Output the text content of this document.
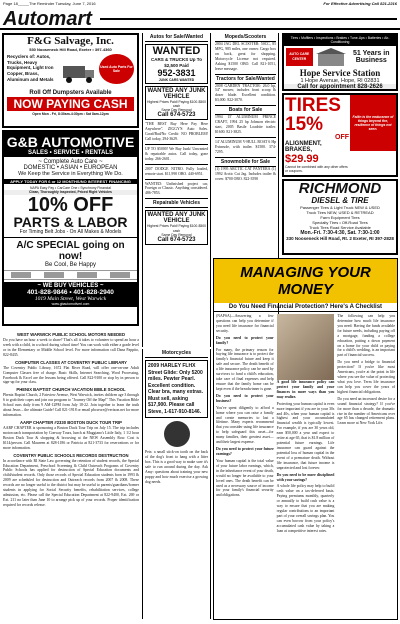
Page 18_____The Reminder Tuesday, June 7, 2016	For Effective Advertising Call 821-2216
Automart
F&G Salvage, Inc.
530 Nooseneck Hill Road, Exeter • 397-4360
Recyclers of: Autos, Trucks, Heavy Equipment, Light Iron Copper, Brass, Aluminum and Metals
Used Auto Parts For Sale
Roll Off Dumpsters Available
NOW PAYING CASH
Open Mon - Fri, 8:30am-4:30pm • Sat 8am-12pm
G&B AUTOMOTIVE
SALES • SERVICE • RENTALS
~ Complete Auto Care ~
DOMESTIC • ASIAN • EUROPEAN
We Keep the Service in Everything We Do.
APPLY TODAY FOR 6 or 12 MONTHS/NO INTEREST FINANCING
NAPA Easy Pay • CarCare One • Synchrony Financial
Clean, Thoroughly Inspected, Priced Right Vehicles
10% OFF
PARTS & LABOR
For Timing Belt Jobs - On All Makes & Models
A/C SPECIAL going on now!
Be Cool, Be Happy
~ WE BUY VEHICLES ~
401-828-9846 • 401-828-2940
1019 Main Street, West Warwick
www.gbautomotiveri.com
Autos for Sale/Wanted
WANTED
CARS & TRUCKS Up To $2,500 Paid
952-3831
JUNK CARS WANTED
WANTED ANY JUNK VEHICLE
Highest Prices Paid! Paying $100-$500 cash
Same Day Removal
Call 674-5723
"THE BEST Buy Here Pay Here Anywhere". ZIGGY'S Auto Sales. Good/Bad/No Credit: NO PROBLEM! Call today, 294-3629.
UP TO $5000! We Buy Junk/ Unwanted & repairable autos. Call today, gone today. 266-2601.
2007 DODGE NITRO. Fully loaded, remote start. $11,990 OBO. 440-6951.
WANTED: Unfinished project car, Foreign or Classic. Anything considered. 486-7853.
Repairable Vehicles
WANTED ANY JUNK VEHICLE
Highest Prices Paid! Paying $100-$500 cash
Same Day Removal
Call 674-5723
Mopeds/Scooters
2004 JAG DEL SCOOTER: 50CC, 85 MPG, 985 miles, one owner. Cargo box on back, great for shopping. Motorcycle License not required. Asking $1500 OBO. Call 821-1051, leave message.
Tractors for Sale/Wanted
2008 GARDEN TRACTOR: 26.0 hp, 54" mower, includes front scoop & dozer blade. Excellent condition. $3,000. 822-3070.
Boats for Sale
1994 15' ALUMINUM PRINCE CRAFT, 1994 25 hp Johnson electric start, 2005 Basile Loadrite trailer. $1600. 821-3825.
14' ALUMINUM V-HULL BOAT 6 Hp Evinrude, with trailer. $1500. 374-7295.
Snowmobile for Sale
(1) 1995 ARCTIC CAT PANTERA (1) 1992 Arctic Cat Jag. Includes trailer & cover. $700 OBO. 822-3590
Tires • Mufflers • Inspections • Brakes • Tune-Ups • Batteries • Air-Conditioning
AUTO CARE CENTER
51 Years in Business
Hope Service Station
1 Hope Avenue, Hope, RI 02831
Call for appointment 828-2626
TIRES 15%
OFF
ALIGNMENT, BRAKES,
$29.99
Cannot be combined with any other offers or coupons.
Fallin is the endurance of things beyond fire, resilience of things not seen.
RICHMOND
DIESEL & TIRE
Passenger Tires & Light Truck NEW & USED
Truck Tires NEW, USED & RETREAD
Farm Equipment Tires
Specialty Tires • Off-Road Tires
Truck Tires Road Service Available
Mon.-Fri. 7:30-4:30, Sat. 7:30-1:00
330 Nooseneck Hill Road, Rt. 2 Exeter, RI 397-2828
WEST WARWICK PUBLIC SCHOOL MOTORS NEEDED
Do you have an hour a week to share? That's all it takes to volunteer to spend an hour a week with a child, in a school during school time! You can work with either a grade level or in the Elementary or Middle School level. For more information call Dana Pappito, 822-8435.
COMPUTER CLASSES AT COVENTRY PUBLIC LIBRARY
The Coventry Public Library, 1672 Flat River Road, will offer one-on-one Adult Computer Classes free of charge. Basic Skills, Internet Searching, Word Processing, Facebook & Excel are the lessons being offered. Call 822-9100 or stop by in person to sign-up for your class.
PHENIX BAPTIST CHURCH VACATION BIBLE SCHOOL
Phenix Baptist Church, 2 Fairview Avenue, West Warwick, invites children age 3 through 6 to grab their capes and join our program to "Journey Off the Map!" This Vacation Bible School runs daily from 9 AM-12PM from July 18-22. Join together to learn the truth about Jesus – the ultimate Guide! Call 821-1918 or email pbcsecre@verizon.net for more information.
AARP CHAPTER #2330 BOSTON DUCK TOUR TRIP
AARP CHAPTER is sponsoring a Boston Duck Tour Trip on July 15. The trip includes motorcoach transportation by Conway Tours, lunch at Maggiano's Little Italy, 1 1/2 hour Boston Duck Tour & shopping & browsing at the NEW Assembly Row. Cost is $114/person. Call Maureen at 828-1186 or Patricia at 821-3733 for reservations or for more information.
COVENTRY PUBLIC SCHOOLS RECORDS DESTRUCTION
In accordance with RI State Law governing the retention of student records, the Special Education Department, Preschool Screening & Child Outreach Programs of Coventry Public Schools has applied for destruction of Special Education documents and child/student records. Only those records of Special Education students born in 1993 & 2009 are scheduled for destruction and Outreach records from 2007 & 2008. These records are no longer useful to the district but may be useful to parents/guardians/former students in applying for Social Security benefits, rehabilitation services, college admission, etc. Please call the Special Education Department at 822-9400, Ext. 269 or Ext. 211 no later than June 10 to arrange pick up of your records. Proper identification required for records release.
Motorcycles
2009 HARLEY FLHX Street Glide: Only 5200 miles. Pewter Pearl. Excellent condition. Clear bra, many extras. Must sell, asking $17,900. Please call Steve, 1-617-910-8146.
Pets: a small stick-on tooth on the back of the dog's front to hang with a litter box. This is a good way to make sure it's safe to run around during the day. Ask Amy: questions about training your new puppy and how much exercise a growing dog needs.
MANAGING YOUR MONEY
Do You Need Financial Protection? Here's A Checklist
(NAPSA)—Answering a few questions can help you determine if you need life insurance for financial security.
Do you need to protect your family?
For many, the primary reason for buying life insurance is to protect the family's financial future and keep it safe and secure. The death benefit of a life insurance policy can be used by survivors to fund a child's education, take care of final expenses and help ensure that the family home can be kept even if the breadwinner is gone.
Do you need to protect your business?
You've spent diligently to afford a home where you can raise a family and create memories to last a lifetime. Many experts recommend that you consider using life insurance to help safeguard this asset—for many families, their greatest asset—and their largest expense.
Do you need to protect your future earnings?
Your human capital is the total value of your future labor earnings, which, in the inheritance event of your death, would no longer be available to your loved ones. The death benefit can be used as a necessary source of income for your family's financial security and obligations.
A good life insurance policy can protect your family and your finances in more ways than you may realize.
Protecting your human capital is even more important if you are in your 30s and 40s, when your human capital is highest and your accumulated financial wealth is typically lowest. For example, if you are 30 years old, earn $50,000 a year and expect to retire at age 65, that is $1.8 million of potential future earnings. Life insurance can guard against the potential loss of human capital in the event of a premature death. Without life insurance, that future income is unprotected and lost forever.
Do you need to be more disciplined with your savings?
A whole life policy may help to build cash value on a tax-deferred basis. Paying premiums monthly, quarterly or annually to build cash value is a way to ensure that you are making regular contributions to an important part of your overall savings plan. You can even borrow from your policy's accumulated cash value by taking a loan at competitive interest rates.
The following can help you determine how much life insurance you need: Having the funds available for future needs, including paying off a mortgage, funding a college education, putting a down payment on a home for your child or paying for a child's wedding, is an important part of financial success.
Do you need a bridge to financial protection? If you're like most Americans, you're at the point in life where you see the value of protecting what you love. Term life insurance can help you cover the years of highest financial obligations.
Do you need an increased desire for a sound financial strategy? If you've for more than a decade, the dramatic rise in the number of Americans over age 65 has changed retirement plans. Learn more at New York Life.
